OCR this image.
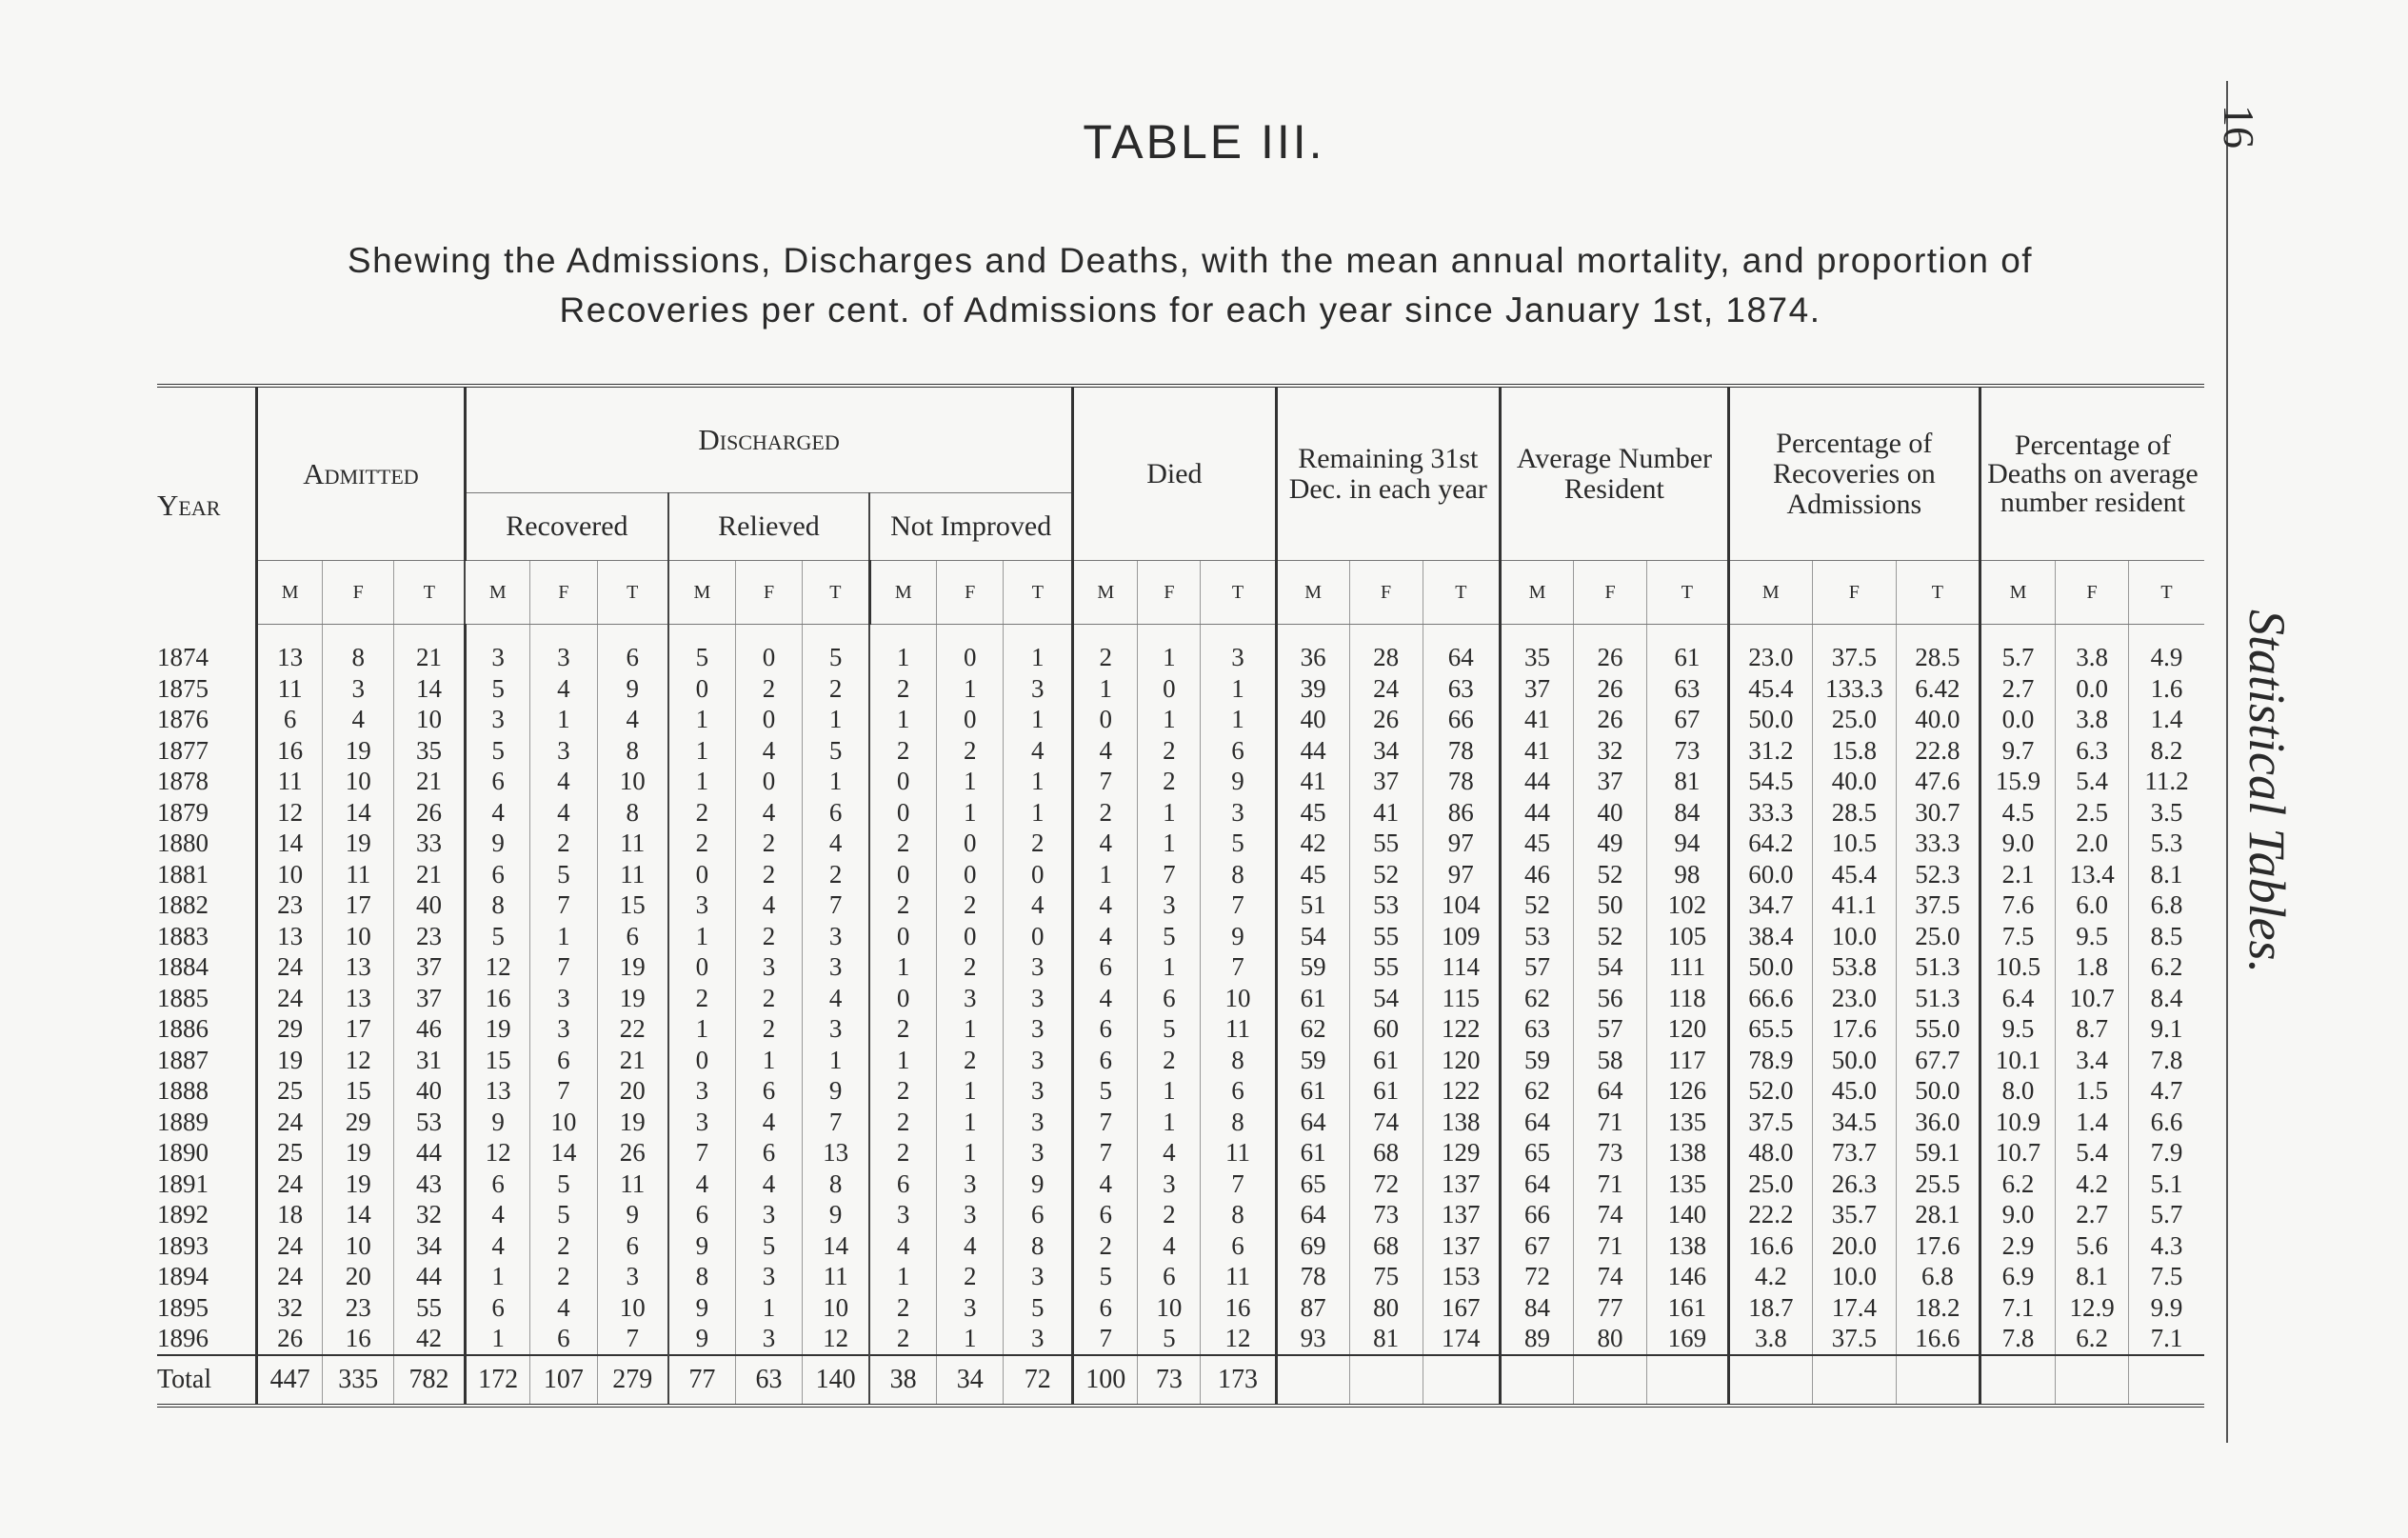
16
Statistical Tables.
TABLE III.
Shewing the Admissions, Discharges and Deaths, with the mean annual mortality, and proportion of
Recoveries per cent. of Admissions for each year since January 1st, 1874.
Year	Admitted			Discharged									Died			Remaining 31st Dec. in each year			Average Number Resident			Percentage of Recoveries on Admissions			Percentage of Deaths on average number resident		
				Recovered			Relieved			Not Improved																	
	M	F	T	M	F	T	M	F	T	M	F	T	M	F	T	M	F	T	M	F	T	M	F	T	M	F	T
1874	13	8	21	3	3	6	5	0	5	1	0	1	2	1	3	36	28	64	35	26	61	23.0	37.5	28.5	5.7	3.8	4.9
1875	11	3	14	5	4	9	0	2	2	2	1	3	1	0	1	39	24	63	37	26	63	45.4	133.3	6.42	2.7	0.0	1.6
1876	6	4	10	3	1	4	1	0	1	1	0	1	0	1	1	40	26	66	41	26	67	50.0	25.0	40.0	0.0	3.8	1.4
1877	16	19	35	5	3	8	1	4	5	2	2	4	4	2	6	44	34	78	41	32	73	31.2	15.8	22.8	9.7	6.3	8.2
1878	11	10	21	6	4	10	1	0	1	0	1	1	7	2	9	41	37	78	44	37	81	54.5	40.0	47.6	15.9	5.4	11.2
1879	12	14	26	4	4	8	2	4	6	0	1	1	2	1	3	45	41	86	44	40	84	33.3	28.5	30.7	4.5	2.5	3.5
1880	14	19	33	9	2	11	2	2	4	2	0	2	4	1	5	42	55	97	45	49	94	64.2	10.5	33.3	9.0	2.0	5.3
1881	10	11	21	6	5	11	0	2	2	0	0	0	1	7	8	45	52	97	46	52	98	60.0	45.4	52.3	2.1	13.4	8.1
1882	23	17	40	8	7	15	3	4	7	2	2	4	4	3	7	51	53	104	52	50	102	34.7	41.1	37.5	7.6	6.0	6.8
1883	13	10	23	5	1	6	1	2	3	0	0	0	4	5	9	54	55	109	53	52	105	38.4	10.0	25.0	7.5	9.5	8.5
1884	24	13	37	12	7	19	0	3	3	1	2	3	6	1	7	59	55	114	57	54	111	50.0	53.8	51.3	10.5	1.8	6.2
1885	24	13	37	16	3	19	2	2	4	0	3	3	4	6	10	61	54	115	62	56	118	66.6	23.0	51.3	6.4	10.7	8.4
1886	29	17	46	19	3	22	1	2	3	2	1	3	6	5	11	62	60	122	63	57	120	65.5	17.6	55.0	9.5	8.7	9.1
1887	19	12	31	15	6	21	0	1	1	1	2	3	6	2	8	59	61	120	59	58	117	78.9	50.0	67.7	10.1	3.4	7.8
1888	25	15	40	13	7	20	3	6	9	2	1	3	5	1	6	61	61	122	62	64	126	52.0	45.0	50.0	8.0	1.5	4.7
1889	24	29	53	9	10	19	3	4	7	2	1	3	7	1	8	64	74	138	64	71	135	37.5	34.5	36.0	10.9	1.4	6.6
1890	25	19	44	12	14	26	7	6	13	2	1	3	7	4	11	61	68	129	65	73	138	48.0	73.7	59.1	10.7	5.4	7.9
1891	24	19	43	6	5	11	4	4	8	6	3	9	4	3	7	65	72	137	64	71	135	25.0	26.3	25.5	6.2	4.2	5.1
1892	18	14	32	4	5	9	6	3	9	3	3	6	6	2	8	64	73	137	66	74	140	22.2	35.7	28.1	9.0	2.7	5.7
1893	24	10	34	4	2	6	9	5	14	4	4	8	2	4	6	69	68	137	67	71	138	16.6	20.0	17.6	2.9	5.6	4.3
1894	24	20	44	1	2	3	8	3	11	1	2	3	5	6	11	78	75	153	72	74	146	4.2	10.0	6.8	6.9	8.1	7.5
1895	32	23	55	6	4	10	9	1	10	2	3	5	6	10	16	87	80	167	84	77	161	18.7	17.4	18.2	7.1	12.9	9.9
1896	26	16	42	1	6	7	9	3	12	2	1	3	7	5	12	93	81	174	89	80	169	3.8	37.5	16.6	7.8	6.2	7.1
Total	447	335	782	172	107	279	77	63	140	38	34	72	100	73	173												
